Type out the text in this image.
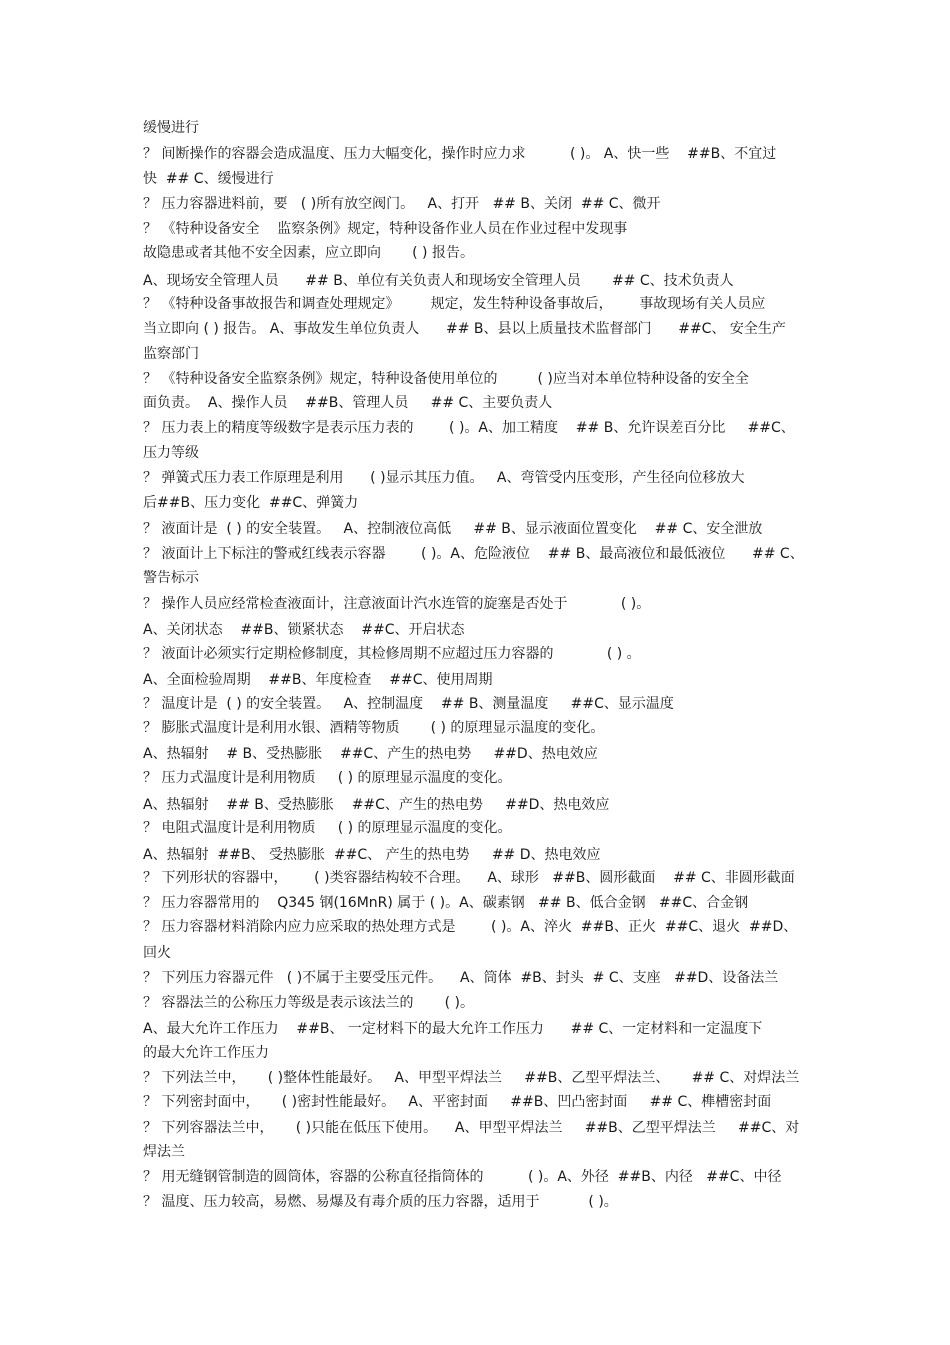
缓慢进行
？ 间断操作的容器会造成温度、压力大幅变化，操作时应力求          ( )。 A、快一些    ##B、不宜过
快  ## C、缓慢进行
？ 压力容器进料前，要   ( )所有放空阀门。   A、打开   ## B、关闭  ## C、微开
？ 《特种设备安全    监察条例》规定，特种设备作业人员在作业过程中发现事
故隐患或者其他不安全因素，应立即向       ( ) 报告。
A、现场安全管理人员      ## B、单位有关负责人和现场安全管理人员       ## C、技术负责人
？ 《特种设备事故报告和调查处理规定》       规定，发生特种设备事故后，      事故现场有关人员应
当立即向 ( ) 报告。 A、事故发生单位负责人      ## B、县以上质量技术监督部门      ##C、 安全生产
监察部门
？ 《特种设备安全监察条例》规定，特种设备使用单位的         ( )应当对本单位特种设备的安全全
面负责。  A、操作人员    ##B、管理人员     ## C、主要负责人
？ 压力表上的精度等级数字是表示压力表的        ( )。A、加工精度    ## B、允许误差百分比     ##C、
压力等级
？ 弹簧式压力表工作原理是利用      ( )显示其压力值。   A、弯管受内压变形，产生径向位移放大
后##B、压力变化  ##C、弹簧力
？ 液面计是  ( ) 的安全装置。   A、控制液位高低     ## B、显示液面位置变化    ## C、安全泄放
？ 液面计上下标注的警戒红线表示容器        ( )。A、危险液位    ## B、最高液位和最低液位      ## C、
警告标示
？ 操作人员应经常检查液面计，注意液面计汽水连管的旋塞是否处于            ( )。
A、关闭状态    ##B、锁紧状态    ##C、开启状态
？ 液面计必须实行定期检修制度，其检修周期不应超过压力容器的            ( ) 。
A、全面检验周期    ##B、年度检查    ##C、使用周期
？ 温度计是  ( ) 的安全装置。   A、控制温度    ## B、测量温度     ##C、显示温度
？ 膨胀式温度计是利用水银、酒精等物质       ( ) 的原理显示温度的变化。
A、热辐射    # B、受热膨胀    ##C、产生的热电势     ##D、热电效应
？ 压力式温度计是利用物质     ( ) 的原理显示温度的变化。
A、热辐射    ## B、受热膨胀    ##C、产生的热电势     ##D、热电效应
？ 电阻式温度计是利用物质     ( ) 的原理显示温度的变化。
A、热辐射  ##B、 受热膨胀  ##C、 产生的热电势     ## D、热电效应
？ 下列形状的容器中，      ( )类容器结构较不合理。    A、球形   ##B、圆形截面    ## C、非圆形截面
？ 压力容器常用的    Q345 钢(16MnR) 属于 ( )。A、碳素钢   ## B、低合金钢   ##C、合金钢
？ 压力容器材料消除内应力应采取的热处理方式是        ( )。A、淬火  ##B、正火  ##C、退火  ##D、
回火
？ 下列压力容器元件   ( )不属于主要受压元件。    A、筒体  #B、封头  # C、支座   ##D、设备法兰
？ 容器法兰的公称压力等级是表示该法兰的       ( )。
A、最大允许工作压力    ##B、 一定材料下的最大允许工作压力      ## C、一定材料和一定温度下
的最大允许工作压力
？ 下列法兰中，     ( )整体性能最好。   A、甲型平焊法兰     ##B、乙型平焊法兰、     ## C、对焊法兰
？ 下列密封面中，     ( )密封性能最好。   A、平密封面     ##B、凹凸密封面     ## C、榫槽密封面
？ 下列容器法兰中，     ( )只能在低压下使用。    A、甲型平焊法兰     ##B、乙型平焊法兰     ##C、对
焊法兰
？ 用无缝钢管制造的圆筒体，容器的公称直径指筒体的          ( )。A、外径  ##B、内径   ##C、中径
？ 温度、压力较高，易燃、易爆及有毒介质的压力容器，适用于           ( )。
